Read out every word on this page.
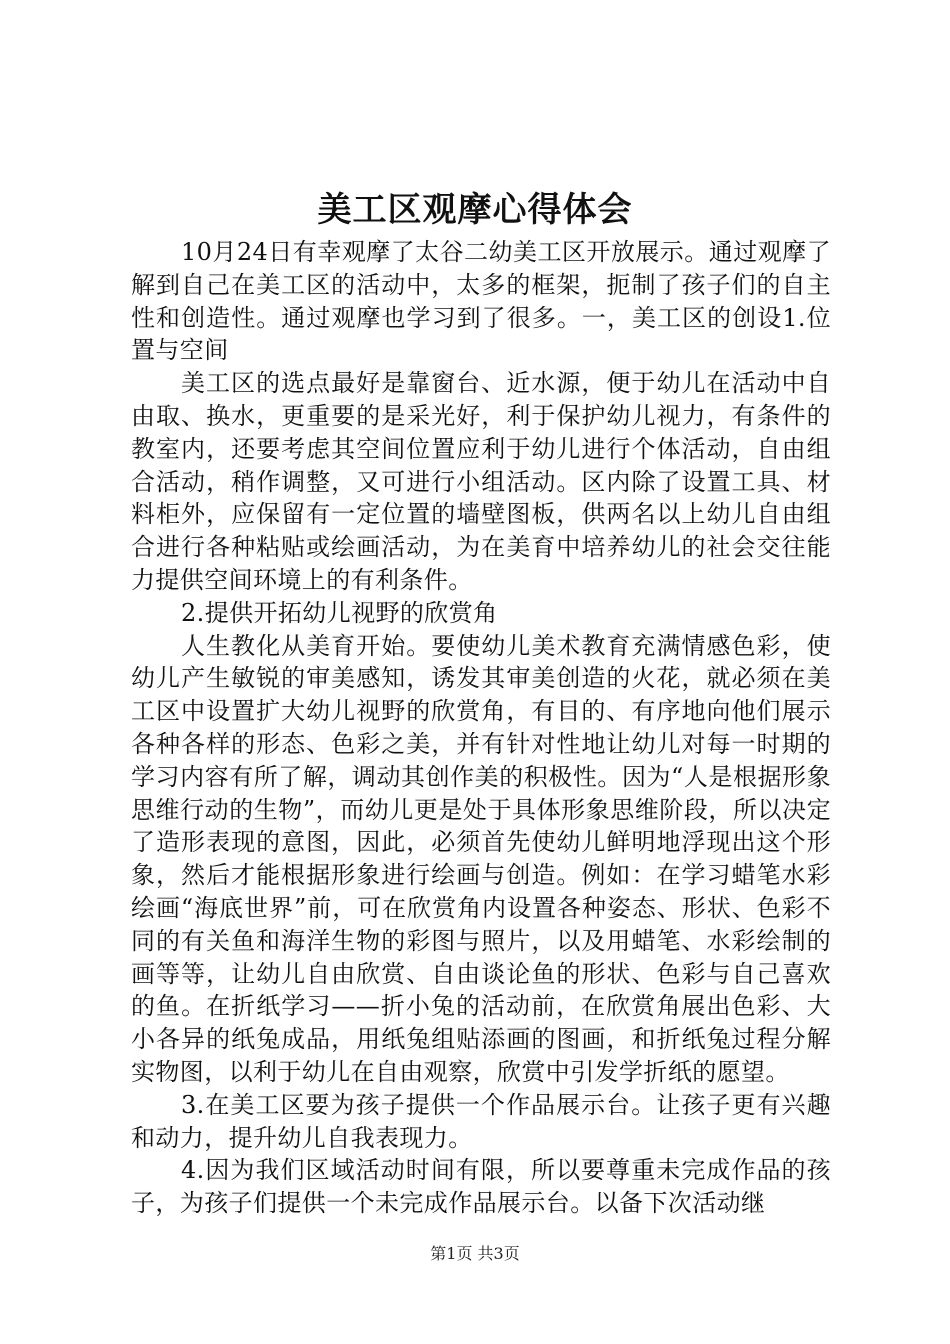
美工区观摩心得体会

10月24日有幸观摩了太谷二幼美工区开放展示。通过观摩了解到自己在美工区的活动中，太多的框架，扼制了孩子们的自主性和创造性。通过观摩也学习到了很多。一，美工区的创设1.位置与空间

美工区的选点最好是靠窗台、近水源，便于幼儿在活动中自由取、换水，更重要的是采光好，利于保护幼儿视力，有条件的教室内，还要考虑其空间位置应利于幼儿进行个体活动，自由组合活动，稍作调整，又可进行小组活动。区内除了设置工具、材料柜外，应保留有一定位置的墙壁图板，供两名以上幼儿自由组合进行各种粘贴或绘画活动，为在美育中培养幼儿的社会交往能力提供空间环境上的有利条件。

2.提供开拓幼儿视野的欣赏角

人生教化从美育开始。要使幼儿美术教育充满情感色彩，使幼儿产生敏锐的审美感知，诱发其审美创造的火花，就必须在美工区中设置扩大幼儿视野的欣赏角，有目的、有序地向他们展示各种各样的形态、色彩之美，并有针对性地让幼儿对每一时期的学习内容有所了解，调动其创作美的积极性。因为“人是根据形象思维行动的生物”，而幼儿更是处于具体形象思维阶段，所以决定了造形表现的意图，因此，必须首先使幼儿鲜明地浮现出这个形象，然后才能根据形象进行绘画与创造。例如：在学习蜡笔水彩绘画“海底世界”前，可在欣赏角内设置各种姿态、形状、色彩不同的有关鱼和海洋生物的彩图与照片，以及用蜡笔、水彩绘制的画等等，让幼儿自由欣赏、自由谈论鱼的形状、色彩与自己喜欢的鱼。在折纸学习——折小兔的活动前，在欣赏角展出色彩、大小各异的纸兔成品，用纸兔组贴添画的图画，和折纸兔过程分解实物图，以利于幼儿在自由观察，欣赏中引发学折纸的愿望。

3.在美工区要为孩子提供一个作品展示台。让孩子更有兴趣和动力，提升幼儿自我表现力。

4.因为我们区域活动时间有限，所以要尊重未完成作品的孩子，为孩子们提供一个未完成作品展示台。以备下次活动继

第1页 共3页
